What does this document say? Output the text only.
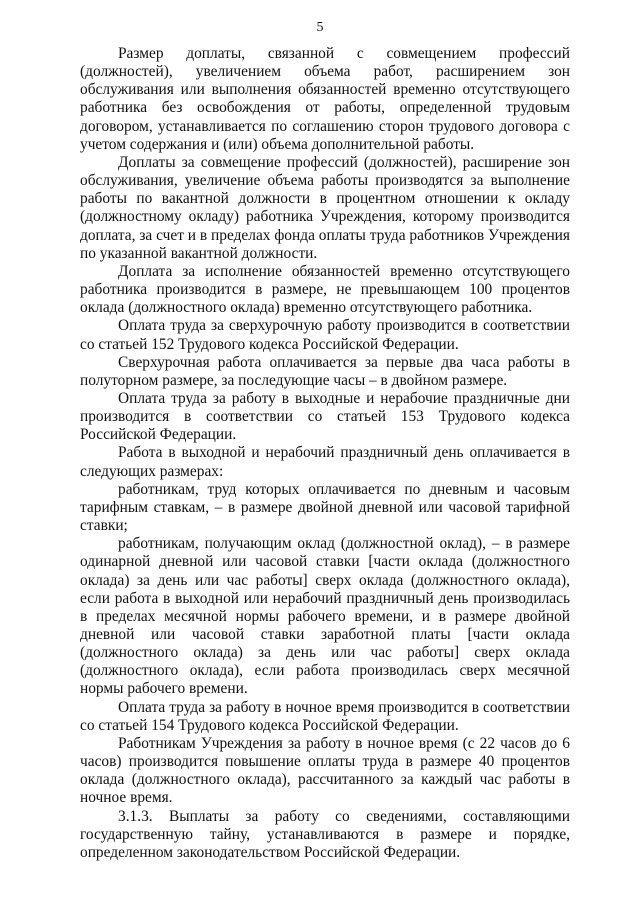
5

Размер доплаты, связанной с совмещением профессий (должностей), увеличением объема работ, расширением зон обслуживания или выполнения обязанностей временно отсутствующего работника без освобождения от работы, определенной трудовым договором, устанавливается по соглашению сторон трудового договора с учетом содержания и (или) объема дополнительной работы.

Доплаты за совмещение профессий (должностей), расширение зон обслуживания, увеличение объема работы производятся за выполнение работы по вакантной должности в процентном отношении к окладу (должностному окладу) работника Учреждения, которому производится доплата, за счет и в пределах фонда оплаты труда работников Учреждения по указанной вакантной должности.

Доплата за исполнение обязанностей временно отсутствующего работника производится в размере, не превышающем 100 процентов оклада (должностного оклада) временно отсутствующего работника.

Оплата труда за сверхурочную работу производится в соответствии со статьей 152 Трудового кодекса Российской Федерации.

Сверхурочная работа оплачивается за первые два часа работы в полуторном размере, за последующие часы – в двойном размере.

Оплата труда за работу в выходные и нерабочие праздничные дни производится в соответствии со статьей 153 Трудового кодекса Российской Федерации.

Работа в выходной и нерабочий праздничный день оплачивается в следующих размерах:

работникам, труд которых оплачивается по дневным и часовым тарифным ставкам, – в размере двойной дневной или часовой тарифной ставки;

работникам, получающим оклад (должностной оклад), – в размере одинарной дневной или часовой ставки [части оклада (должностного оклада) за день или час работы] сверх оклада (должностного оклада), если работа в выходной или нерабочий праздничный день производилась в пределах месячной нормы рабочего времени, и в размере двойной дневной или часовой ставки заработной платы [части оклада (должностного оклада) за день или час работы] сверх оклада (должностного оклада), если работа производилась сверх месячной нормы рабочего времени.

Оплата труда за работу в ночное время производится в соответствии со статьей 154 Трудового кодекса Российской Федерации.

Работникам Учреждения за работу в ночное время (с 22 часов до 6 часов) производится повышение оплаты труда в размере 40 процентов оклада (должностного оклада), рассчитанного за каждый час работы в ночное время.

3.1.3. Выплаты за работу со сведениями, составляющими государственную тайну, устанавливаются в размере и порядке, определенном законодательством Российской Федерации.
